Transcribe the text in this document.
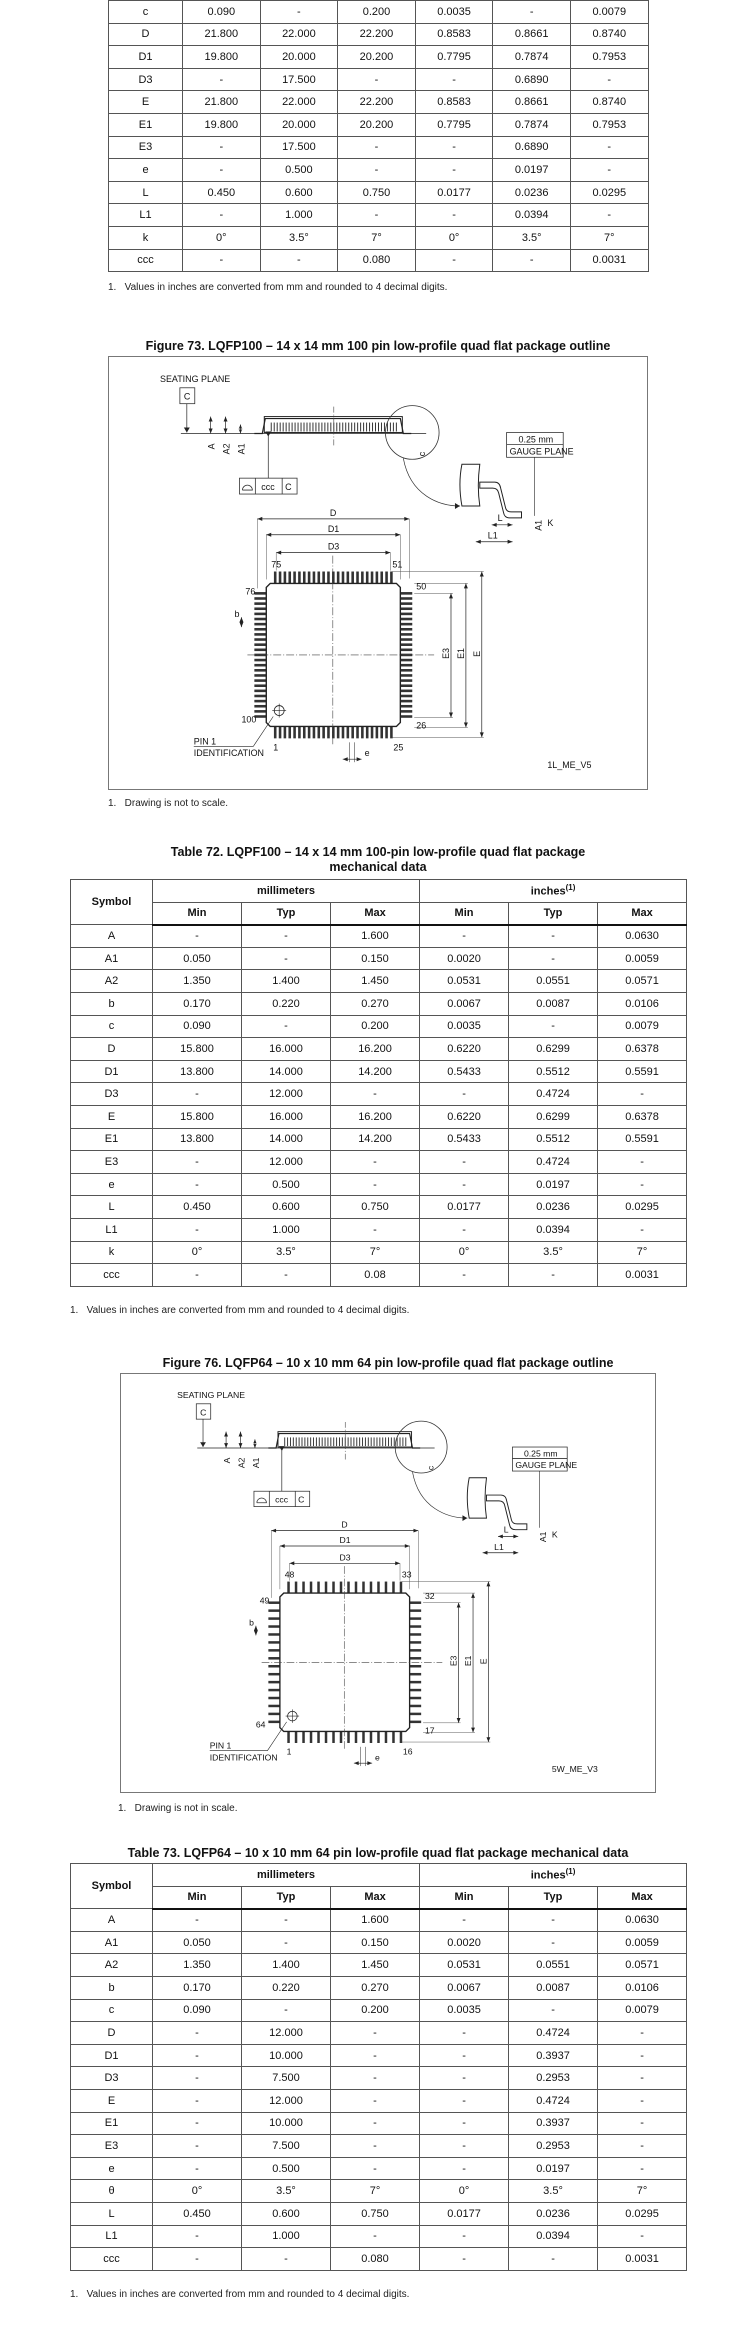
c	0.090	-	0.200	0.0035	-	0.0079
D	21.800	22.000	22.200	0.8583	0.8661	0.8740
D1	19.800	20.000	20.200	0.7795	0.7874	0.7953
D3	-	17.500	-	-	0.6890	-
E	21.800	22.000	22.200	0.8583	0.8661	0.8740
E1	19.800	20.000	20.200	0.7795	0.7874	0.7953
E3	-	17.500	-	-	0.6890	-
e	-	0.500	-	-	0.0197	-
L	0.450	0.600	0.750	0.0177	0.0236	0.0295
L1	-	1.000	-	-	0.0394	-
k	0°	3.5°	7°	0°	3.5°	7°
ccc	-	-	0.080	-	-	0.0031
1.   Values in inches are converted from mm and rounded to 4 decimal digits.
Figure 73. LQFP100 – 14 x 14 mm 100 pin low-profile quad flat package outline
SEATING PLANE
C
A A2 A1
ccc C
c
0.25 mm
GAUGE PLANE
L
L1
A1 K
D
D1
D3
E3 E1 E
PIN 1
IDENTIFICATION
b
e
75	51
76	50
100
26
1	25
1L_ME_V5
1.   Drawing is not to scale.
Table 72. LQPF100 – 14 x 14 mm 100-pin low-profile quad flat package
mechanical data
Symbol	millimeters			inches$^{(1)}$
	Min	Typ	Max	Min	Typ	Max
A	-	-	1.600	-	-	0.0630
A1	0.050	-	0.150	0.0020	-	0.0059
A2	1.350	1.400	1.450	0.0531	0.0551	0.0571
b	0.170	0.220	0.270	0.0067	0.0087	0.0106
c	0.090	-	0.200	0.0035	-	0.0079
D	15.800	16.000	16.200	0.6220	0.6299	0.6378
D1	13.800	14.000	14.200	0.5433	0.5512	0.5591
D3	-	12.000	-	-	0.4724	-
E	15.800	16.000	16.200	0.6220	0.6299	0.6378
E1	13.800	14.000	14.200	0.5433	0.5512	0.5591
E3	-	12.000	-	-	0.4724	-
e	-	0.500	-	-	0.0197	-
L	0.450	0.600	0.750	0.0177	0.0236	0.0295
L1	-	1.000	-	-	0.0394	-
k	0°	3.5°	7°	0°	3.5°	7°
ccc	-	-	0.08	-	-	0.0031
1.   Values in inches are converted from mm and rounded to 4 decimal digits.
Figure 76. LQFP64 – 10 x 10 mm 64 pin low-profile quad flat package outline
SEATING PLANE
C
A A2 A1
ccc C
c
0.25 mm
GAUGE PLANE
L
L1
A1 K
D
D1
D3
E3 E1 E
PIN 1
IDENTIFICATION
b
e
48	33
49	32
64
17
1	16
5W_ME_V3
1.   Drawing is not in scale.
Table 73. LQFP64 – 10 x 10 mm 64 pin low-profile quad flat package mechanical data
Symbol	millimeters			inches$^{(1)}$
	Min	Typ	Max	Min	Typ	Max
A	-	-	1.600	-	-	0.0630
A1	0.050	-	0.150	0.0020	-	0.0059
A2	1.350	1.400	1.450	0.0531	0.0551	0.0571
b	0.170	0.220	0.270	0.0067	0.0087	0.0106
c	0.090	-	0.200	0.0035	-	0.0079
D	-	12.000	-	-	0.4724	-
D1	-	10.000	-	-	0.3937	-
D3	-	7.500	-	-	0.2953	-
E	-	12.000	-	-	0.4724	-
E1	-	10.000	-	-	0.3937	-
E3	-	7.500	-	-	0.2953	-
e	-	0.500	-	-	0.0197	-
θ	0°	3.5°	7°	0°	3.5°	7°
L	0.450	0.600	0.750	0.0177	0.0236	0.0295
L1	-	1.000	-	-	0.0394	-
ccc	-	-	0.080	-	-	0.0031
1.   Values in inches are converted from mm and rounded to 4 decimal digits.
